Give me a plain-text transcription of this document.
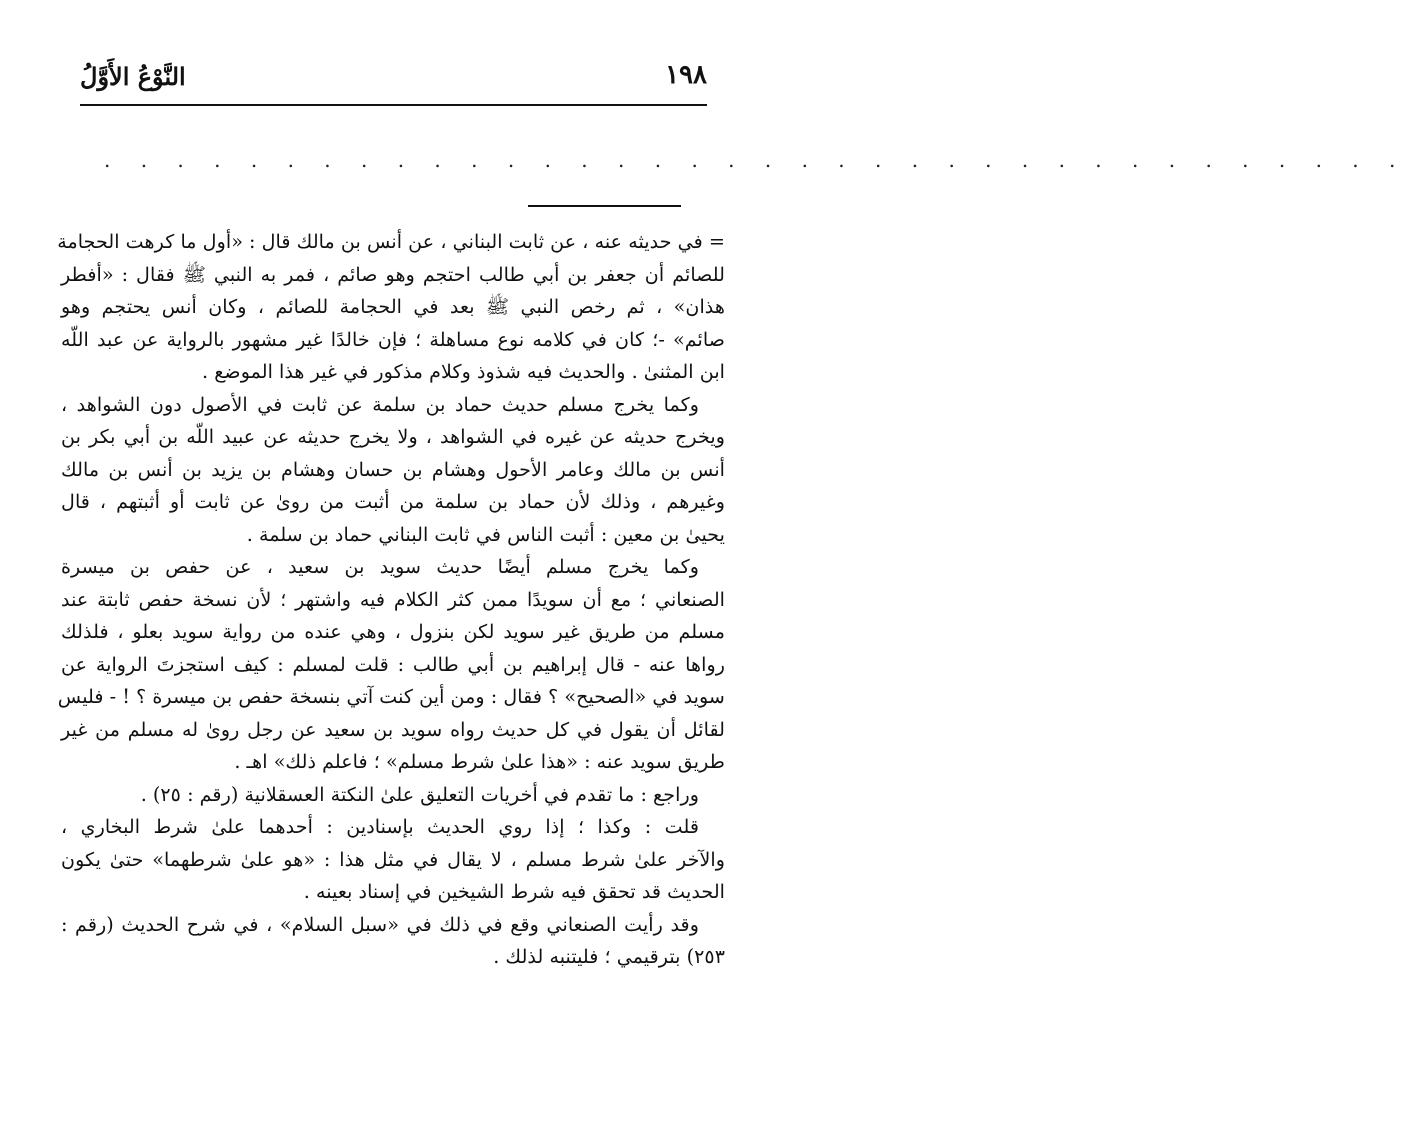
النَّوْعُ الأَوَّلُ	١٩٨
. . . . . . . . . . . . . . . . . . . . . . . . . . . . . . . . . . . .
= في حديثه عنه ، عن ثابت البناني ، عن أنس بن مالك قال : «أول ما كرهت الحجامة
للصائم أن جعفر بن أبي طالب احتجم وهو صائم ، فمر به النبي ﷺ فقال : «أفطر
هذان» ، ثم رخص النبي ﷺ بعد في الحجامة للصائم ، وكان أنس يحتجم وهو
صائم» -؛ كان في كلامه نوع مساهلة ؛ فإن خالدًا غير مشهور بالرواية عن عبد اللّه
ابن المثنىٰ . والحديث فيه شذوذ وكلام مذكور في غير هذا الموضع .
وكما يخرج مسلم حديث حماد بن سلمة عن ثابت في الأصول دون الشواهد ،
ويخرج حديثه عن غيره في الشواهد ، ولا يخرج حديثه عن عبيد اللّه بن أبي بكر بن
أنس بن مالك وعامر الأحول وهشام بن حسان وهشام بن يزيد بن أنس بن مالك
وغيرهم ، وذلك لأن حماد بن سلمة من أثبت من روىٰ عن ثابت أو أثبتهم ، قال
يحيىٰ بن معين : أثبت الناس في ثابت البناني حماد بن سلمة .
وكما يخرج مسلم أيضًا حديث سويد بن سعيد ، عن حفص بن ميسرة
الصنعاني ؛ مع أن سويدًا ممن كثر الكلام فيه واشتهر ؛ لأن نسخة حفص ثابتة عند
مسلم من طريق غير سويد لكن بنزول ، وهي عنده من رواية سويد بعلو ، فلذلك
رواها عنه - قال إبراهيم بن أبي طالب : قلت لمسلم : كيف استجزتَ الرواية عن
سويد في «الصحيح» ؟ فقال : ومن أين كنت آتي بنسخة حفص بن ميسرة ؟ ! - فليس
لقائل أن يقول في كل حديث رواه سويد بن سعيد عن رجل روىٰ له مسلم من غير
طريق سويد عنه : «هذا علىٰ شرط مسلم» ؛ فاعلم ذلك» اهـ .
وراجع : ما تقدم في أخريات التعليق علىٰ النكتة العسقلانية (رقم : ٢٥) .
قلت : وكذا ؛ إذا روي الحديث بإسنادين : أحدهما علىٰ شرط البخاري ،
والآخر علىٰ شرط مسلم ، لا يقال في مثل هذا : «هو علىٰ شرطهما» حتىٰ يكون
الحديث قد تحقق فيه شرط الشيخين في إسناد بعينه .
وقد رأيت الصنعاني وقع في ذلك في «سبل السلام» ، في شرح الحديث (رقم :
٢٥٣) بترقيمي ؛ فليتنبه لذلك .
